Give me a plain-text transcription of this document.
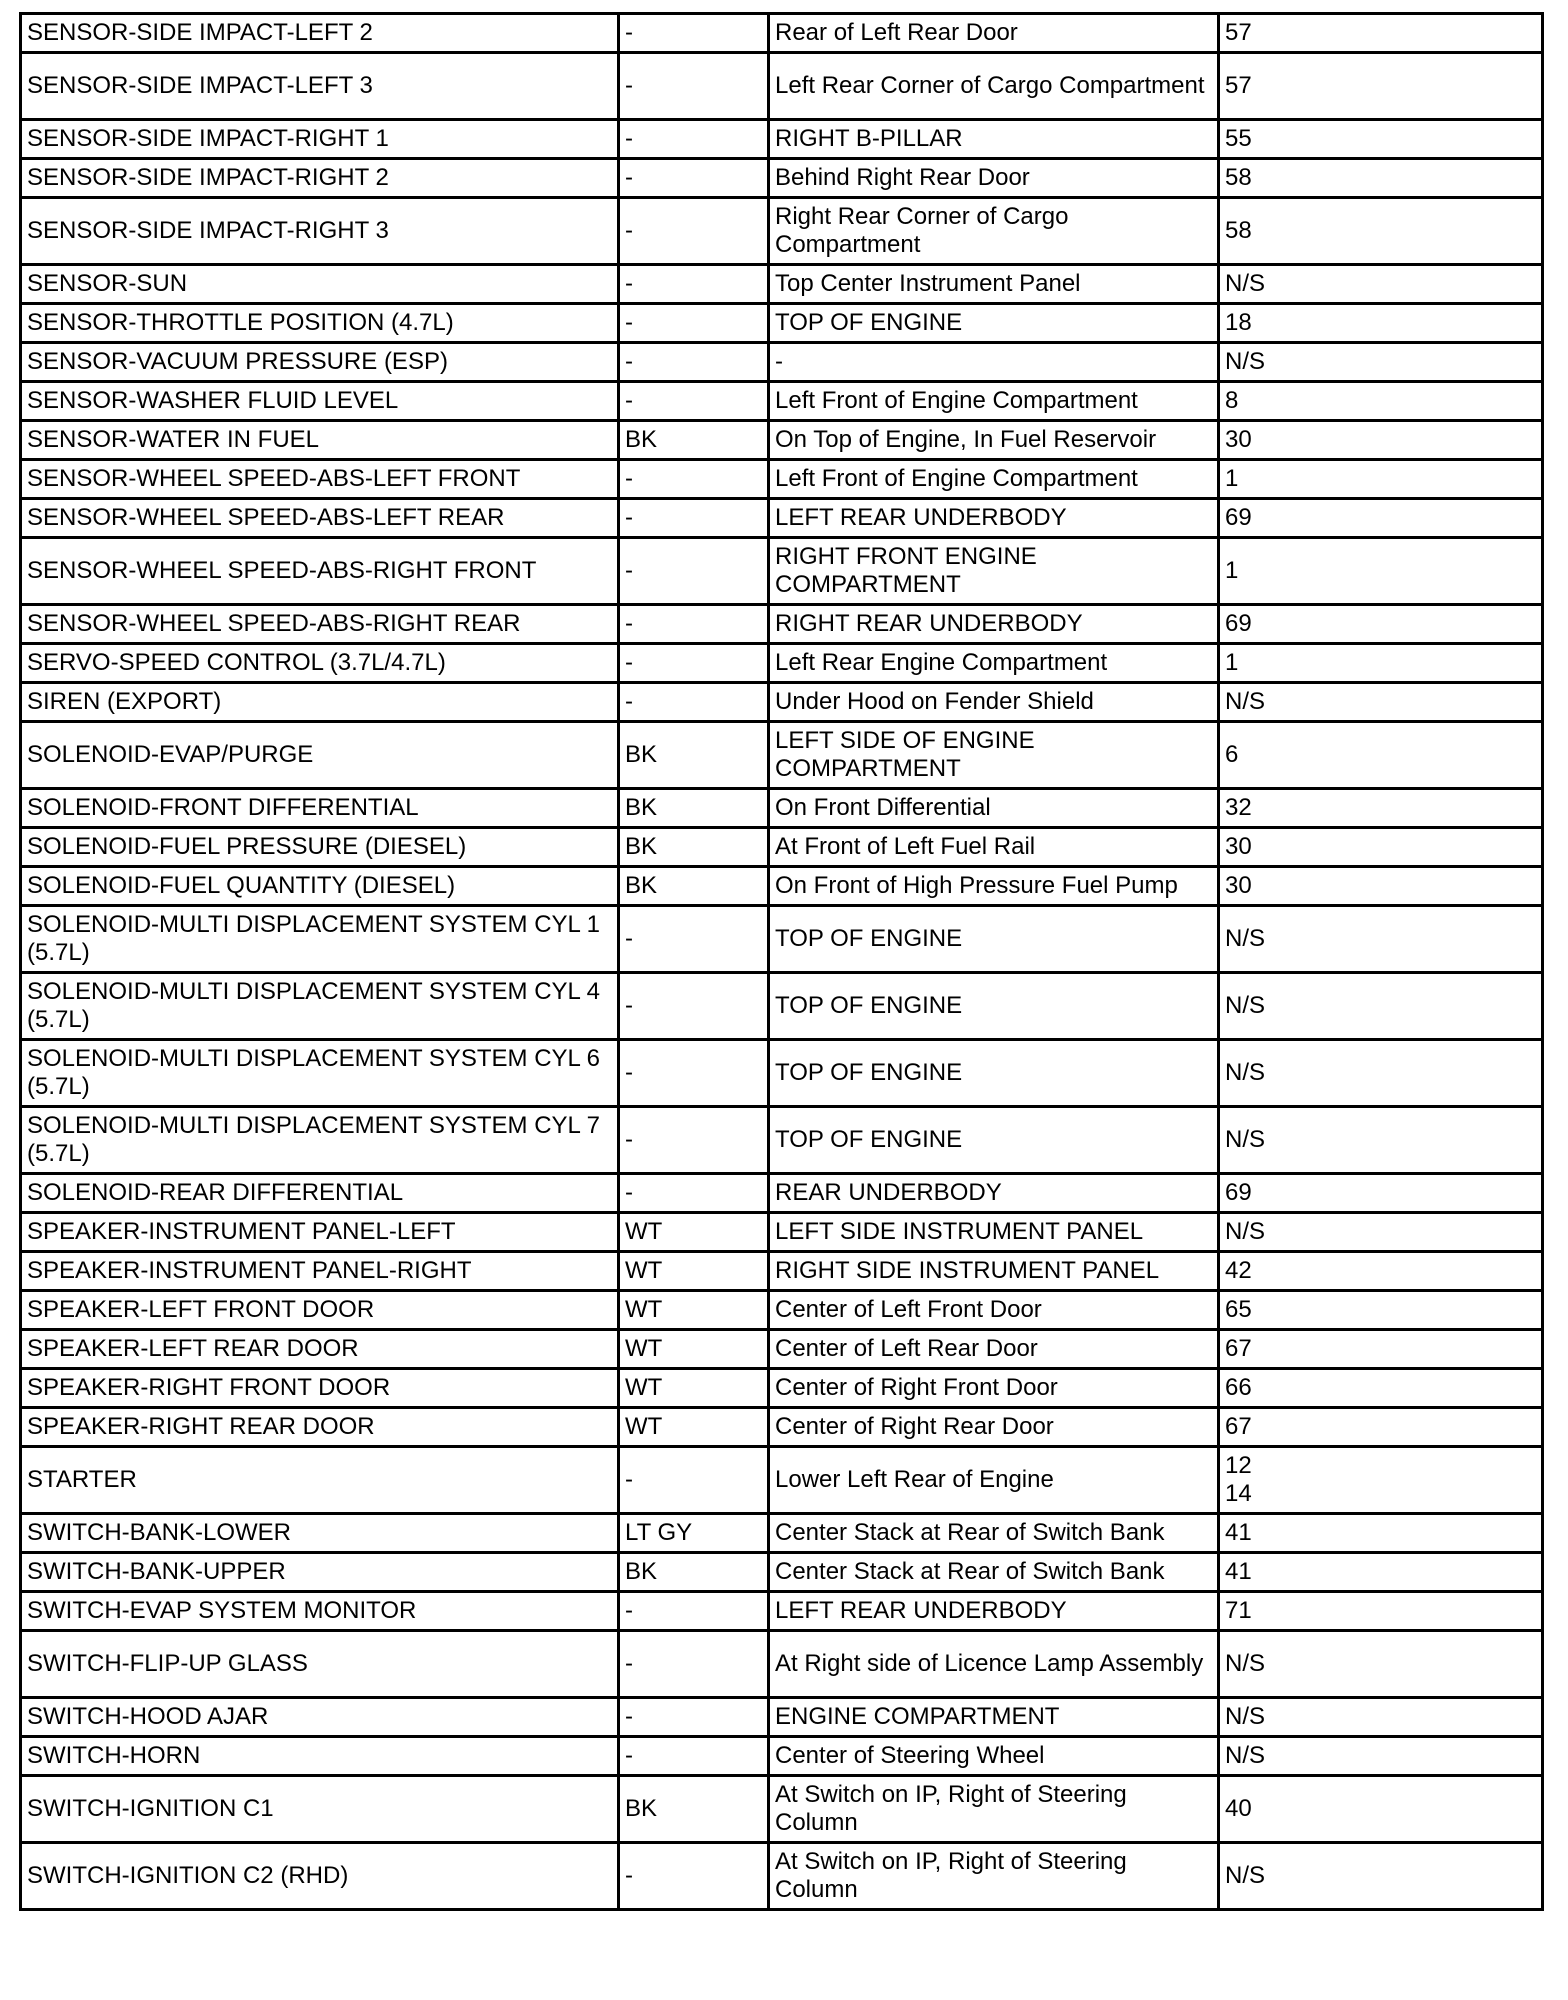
SENSOR-SIDE IMPACT-LEFT 2	-	Rear of Left Rear Door	57

SENSOR-SIDE IMPACT-LEFT 3	-	Left Rear Corner of Cargo Compartment	57

SENSOR-SIDE IMPACT-RIGHT 1	-	RIGHT B-PILLAR	55

SENSOR-SIDE IMPACT-RIGHT 2	-	Behind Right Rear Door	58

SENSOR-SIDE IMPACT-RIGHT 3	-	Right Rear Corner of Cargo Compartment	58

SENSOR-SUN	-	Top Center Instrument Panel	N/S

SENSOR-THROTTLE POSITION (4.7L)	-	TOP OF ENGINE	18

SENSOR-VACUUM PRESSURE (ESP)	-	-	N/S

SENSOR-WASHER FLUID LEVEL	-	Left Front of Engine Compartment	8

SENSOR-WATER IN FUEL	BK	On Top of Engine, In Fuel Reservoir	30

SENSOR-WHEEL SPEED-ABS-LEFT FRONT	-	Left Front of Engine Compartment	1

SENSOR-WHEEL SPEED-ABS-LEFT REAR	-	LEFT REAR UNDERBODY	69

SENSOR-WHEEL SPEED-ABS-RIGHT FRONT	-	RIGHT FRONT ENGINE COMPARTMENT	1

SENSOR-WHEEL SPEED-ABS-RIGHT REAR	-	RIGHT REAR UNDERBODY	69

SERVO-SPEED CONTROL (3.7L/4.7L)	-	Left Rear Engine Compartment	1

SIREN (EXPORT)	-	Under Hood on Fender Shield	N/S

SOLENOID-EVAP/PURGE	BK	LEFT SIDE OF ENGINE COMPARTMENT	6

SOLENOID-FRONT DIFFERENTIAL	BK	On Front Differential	32

SOLENOID-FUEL PRESSURE (DIESEL)	BK	At Front of Left Fuel Rail	30

SOLENOID-FUEL QUANTITY (DIESEL)	BK	On Front of High Pressure Fuel Pump	30

SOLENOID-MULTI DISPLACEMENT SYSTEM CYL 1 (5.7L)	-	TOP OF ENGINE	N/S

SOLENOID-MULTI DISPLACEMENT SYSTEM CYL 4 (5.7L)	-	TOP OF ENGINE	N/S

SOLENOID-MULTI DISPLACEMENT SYSTEM CYL 6 (5.7L)	-	TOP OF ENGINE	N/S

SOLENOID-MULTI DISPLACEMENT SYSTEM CYL 7 (5.7L)	-	TOP OF ENGINE	N/S

SOLENOID-REAR DIFFERENTIAL	-	REAR UNDERBODY	69

SPEAKER-INSTRUMENT PANEL-LEFT	WT	LEFT SIDE INSTRUMENT PANEL	N/S

SPEAKER-INSTRUMENT PANEL-RIGHT	WT	RIGHT SIDE INSTRUMENT PANEL	42

SPEAKER-LEFT FRONT DOOR	WT	Center of Left Front Door	65

SPEAKER-LEFT REAR DOOR	WT	Center of Left Rear Door	67

SPEAKER-RIGHT FRONT DOOR	WT	Center of Right Front Door	66

SPEAKER-RIGHT REAR DOOR	WT	Center of Right Rear Door	67

STARTER	-	Lower Left Rear of Engine	12
14

SWITCH-BANK-LOWER	LT GY	Center Stack at Rear of Switch Bank	41

SWITCH-BANK-UPPER	BK	Center Stack at Rear of Switch Bank	41

SWITCH-EVAP SYSTEM MONITOR	-	LEFT REAR UNDERBODY	71

SWITCH-FLIP-UP GLASS	-	At Right side of Licence Lamp Assembly	N/S

SWITCH-HOOD AJAR	-	ENGINE COMPARTMENT	N/S

SWITCH-HORN	-	Center of Steering Wheel	N/S

SWITCH-IGNITION C1	BK	At Switch on IP, Right of Steering Column	40

SWITCH-IGNITION C2 (RHD)	-	At Switch on IP, Right of Steering Column	N/S
